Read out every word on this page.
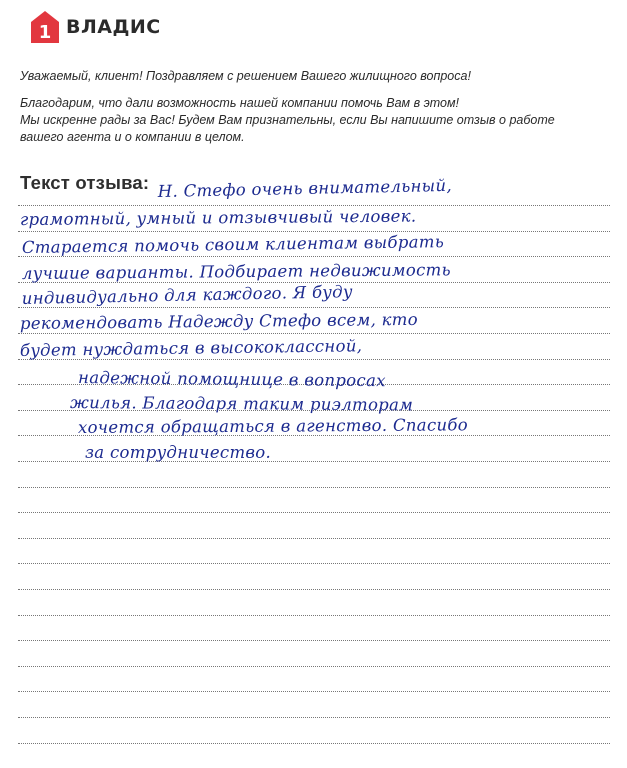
1 ВЛАДИС

Уважаемый, клиент! Поздравляем с решением Вашего жилищного вопроса!

Благодарим, что дали возможность нашей компании помочь Вам в этом!

Мы искренне рады за Вас! Будем Вам признательны, если Вы напишите отзыв о работе

вашего агента и о компании в целом.

Текст отзыва: Н. Стефо очень внимательный,
грамотный, умный и отзывчивый человек.
Старается помочь своим клиентам выбрать
лучшие варианты. Подбирает недвижимость
индивидуально для каждого. Я буду
рекомендовать Надежду Стефо всем, кто
будет нуждаться в высококлассной,
надежной помощнице в вопросах
жилья. Благодаря таким риэлторам
хочется обращаться в агенство. Спасибо
за сотрудничество.
